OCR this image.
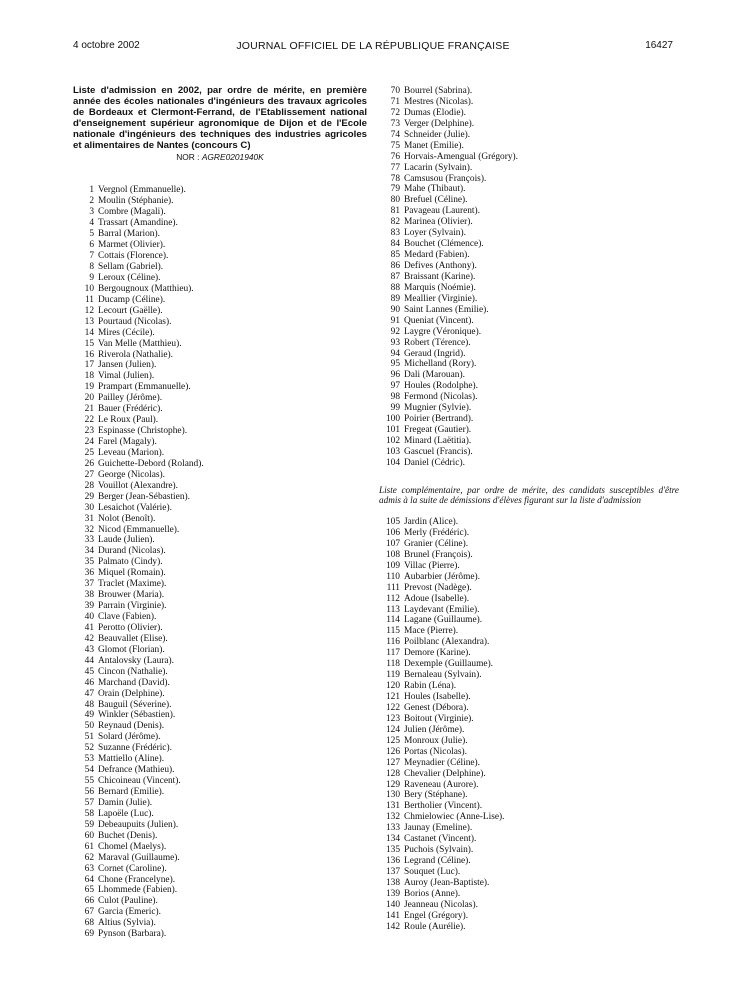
4 octobre 2002	JOURNAL OFFICIEL DE LA RÉPUBLIQUE FRANÇAISE	16427

Liste d'admission en 2002, par ordre de mérite, en première année des écoles nationales d'ingénieurs des travaux agricoles de Bordeaux et Clermont-Ferrand, de l'Etablissement national d'enseignement supérieur agronomique de Dijon et de l'Ecole nationale d'ingénieurs des techniques des industries agricoles et alimentaires de Nantes (concours C)

NOR : AGRE0201940K

1 Vergnol (Emmanuelle).
2 Moulin (Stéphanie).
3 Combre (Magali).
4 Trassart (Amandine).
5 Barral (Marion).
6 Marmet (Olivier).
7 Cottais (Florence).
8 Sellam (Gabriel).
9 Leroux (Céline).
10 Bergougnoux (Matthieu).
11 Ducamp (Céline).
12 Lecourt (Gaëlle).
13 Pourtaud (Nicolas).
14 Mires (Cécile).
15 Van Melle (Matthieu).
16 Riverola (Nathalie).
17 Jansen (Julien).
18 Vimal (Julien).
19 Prampart (Emmanuelle).
20 Pailley (Jérôme).
21 Bauer (Frédéric).
22 Le Roux (Paul).
23 Espinasse (Christophe).
24 Farel (Magaly).
25 Leveau (Marion).
26 Guichette-Debord (Roland).
27 George (Nicolas).
28 Vouillot (Alexandre).
29 Berger (Jean-Sébastien).
30 Lesaichot (Valérie).
31 Nolot (Benoît).
32 Nicod (Emmanuelle).
33 Laude (Julien).
34 Durand (Nicolas).
35 Palmato (Cindy).
36 Miquel (Romain).
37 Traclet (Maxime).
38 Brouwer (Maria).
39 Parrain (Virginie).
40 Clave (Fabien).
41 Perotto (Olivier).
42 Beauvallet (Elise).
43 Glomot (Florian).
44 Antalovsky (Laura).
45 Cincon (Nathalie).
46 Marchand (David).
47 Orain (Delphine).
48 Bauguil (Séverine).
49 Winkler (Sébastien).
50 Reynaud (Denis).
51 Solard (Jérôme).
52 Suzanne (Frédéric).
53 Mattiello (Aline).
54 Defrance (Mathieu).
55 Chicoineau (Vincent).
56 Bernard (Emilie).
57 Damin (Julie).
58 Lapoële (Luc).
59 Debeaupuits (Julien).
60 Buchet (Denis).
61 Chomel (Maelys).
62 Maraval (Guillaume).
63 Cornet (Caroline).
64 Chone (Francelyne).
65 Lhommede (Fabien).
66 Culot (Pauline).
67 Garcia (Emeric).
68 Altius (Sylvia).
69 Pynson (Barbara).
70 Bourrel (Sabrina).
71 Mestres (Nicolas).
72 Dumas (Elodie).
73 Verger (Delphine).
74 Schneider (Julie).
75 Manet (Emilie).
76 Horvais-Amengual (Grégory).
77 Lacarin (Sylvain).
78 Camsusou (François).
79 Mahe (Thibaut).
80 Brefuel (Céline).
81 Pavageau (Laurent).
82 Marinea (Olivier).
83 Loyer (Sylvain).
84 Bouchet (Clémence).
85 Medard (Fabien).
86 Defives (Anthony).
87 Braissant (Karine).
88 Marquis (Noémie).
89 Meallier (Virginie).
90 Saint Lannes (Emilie).
91 Queniat (Vincent).
92 Laygre (Véronique).
93 Robert (Térence).
94 Geraud (Ingrid).
95 Michelland (Rory).
96 Dali (Marouan).
97 Houles (Rodolphe).
98 Fermond (Nicolas).
99 Mugnier (Sylvie).
100 Poirier (Bertrand).
101 Fregeat (Gautier).
102 Minard (Laëtitia).
103 Gascuel (Francis).
104 Daniel (Cédric).

Liste complémentaire, par ordre de mérite, des candidats susceptibles d'être admis à la suite de démissions d'élèves figurant sur la liste d'admission

105 Jardin (Alice).
106 Merly (Frédéric).
107 Granier (Céline).
108 Brunel (François).
109 Villac (Pierre).
110 Aubarbier (Jérôme).
111 Prevost (Nadège).
112 Adoue (Isabelle).
113 Laydevant (Emilie).
114 Lagane (Guillaume).
115 Mace (Pierre).
116 Poilblanc (Alexandra).
117 Demore (Karine).
118 Dexemple (Guillaume).
119 Bernaleau (Sylvain).
120 Rabin (Léna).
121 Houles (Isabelle).
122 Genest (Débora).
123 Boitout (Virginie).
124 Julien (Jérôme).
125 Monroux (Julie).
126 Portas (Nicolas).
127 Meynadier (Céline).
128 Chevalier (Delphine).
129 Raveneau (Aurore).
130 Bery (Stéphane).
131 Bertholier (Vincent).
132 Chmielowiec (Anne-Lise).
133 Jaunay (Emeline).
134 Castanet (Vincent).
135 Puchois (Sylvain).
136 Legrand (Céline).
137 Souquet (Luc).
138 Auroy (Jean-Baptiste).
139 Borios (Anne).
140 Jeanneau (Nicolas).
141 Engel (Grégory).
142 Roule (Aurélie).
